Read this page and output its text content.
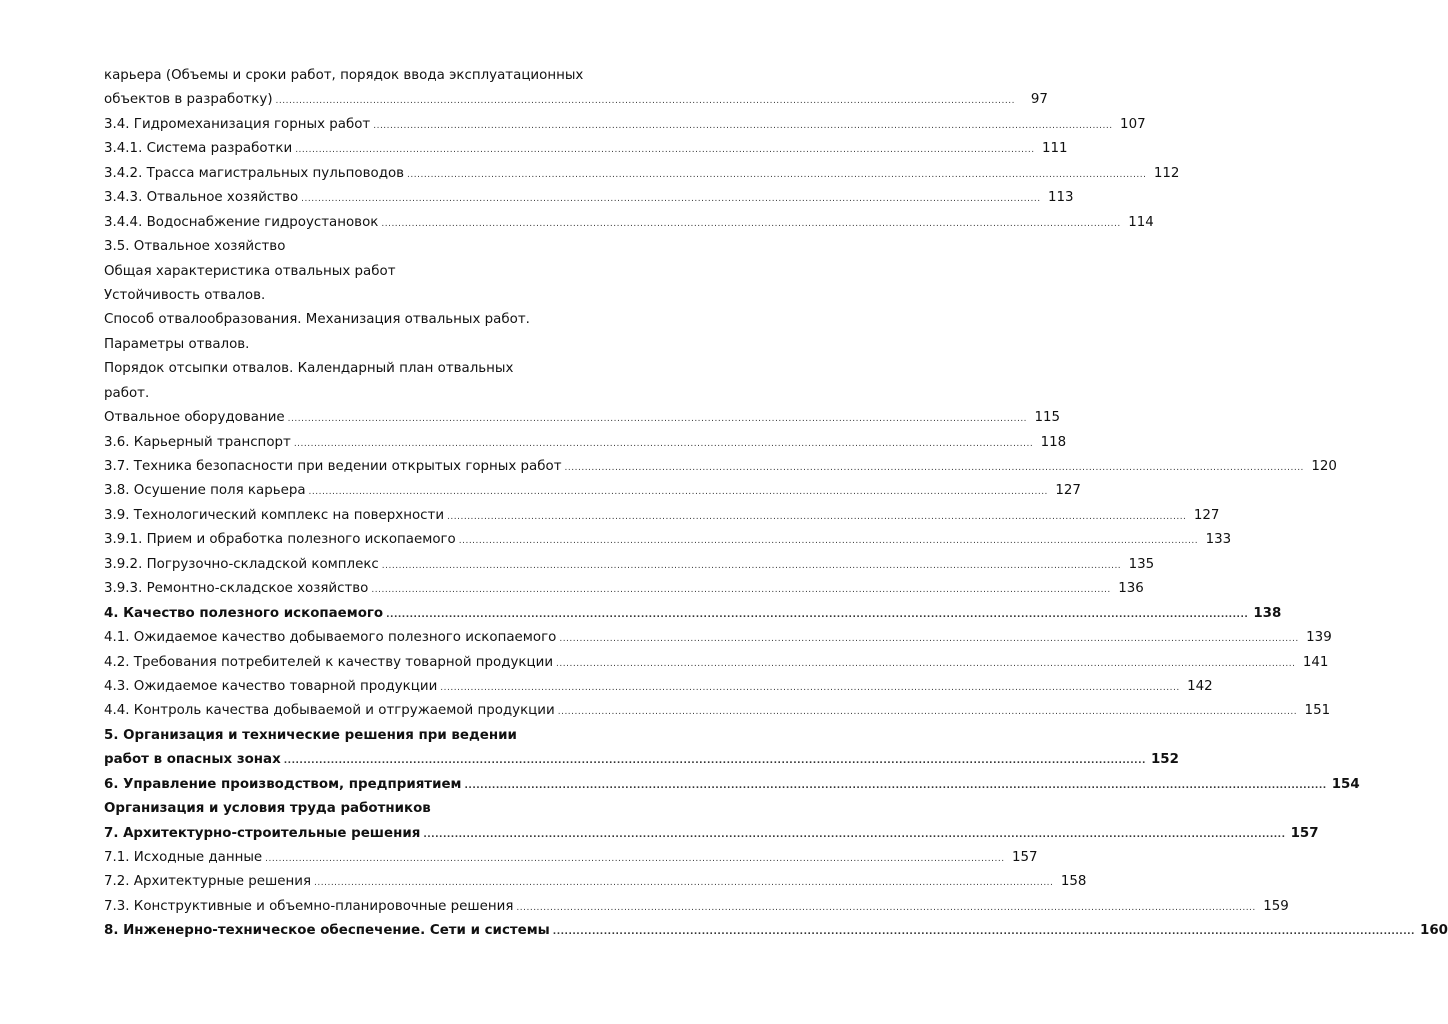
карьера (Объемы и сроки работ, порядок ввода эксплуатационных
объектов в разработку) ............................................................................................................................................................................................................................	97
3.4. Гидромеханизация горных работ ............................................................................................................................................................................................................................ 107
3.4.1. Система разработки ............................................................................................................................................................................................................................ 111
3.4.2. Трасса магистральных пульповодов ............................................................................................................................................................................................................................ 112
3.4.3. Отвальное хозяйство ............................................................................................................................................................................................................................ 113
3.4.4. Водоснабжение гидроустановок ............................................................................................................................................................................................................................ 114
3.5. Отвальное хозяйство
Общая характеристика отвальных работ
Устойчивость отвалов.
Способ отвалообразования. Механизация отвальных работ.
Параметры отвалов.
Порядок отсыпки отвалов. Календарный план отвальных
работ.
Отвальное оборудование ............................................................................................................................................................................................................................ 115
3.6. Карьерный транспорт ............................................................................................................................................................................................................................ 118
3.7. Техника безопасности при ведении открытых горных работ ............................................................................................................................................................................................................................ 120
3.8. Осушение поля карьера ............................................................................................................................................................................................................................ 127
3.9. Технологический комплекс на поверхности ............................................................................................................................................................................................................................ 127
3.9.1. Прием и обработка полезного ископаемого ............................................................................................................................................................................................................................ 133
3.9.2. Погрузочно-складской комплекс ............................................................................................................................................................................................................................ 135
3.9.3. Ремонтно-складское хозяйство ............................................................................................................................................................................................................................ 136
4. Качество полезного ископаемого ............................................................................................................................................................................................................................ 138
4.1. Ожидаемое качество добываемого полезного ископаемого ............................................................................................................................................................................................................................ 139
4.2. Требования потребителей к качеству товарной продукции ............................................................................................................................................................................................................................ 141
4.3. Ожидаемое качество товарной продукции ............................................................................................................................................................................................................................ 142
4.4. Контроль качества добываемой и отгружаемой продукции ............................................................................................................................................................................................................................ 151
5. Организация и технические решения при ведении
работ в опасных зонах ............................................................................................................................................................................................................................ 152
6. Управление производством, предприятием ............................................................................................................................................................................................................................ 154
Организация и условия труда работников
7. Архитектурно-строительные решения ............................................................................................................................................................................................................................ 157
7.1. Исходные данные ............................................................................................................................................................................................................................ 157
7.2. Архитектурные решения ............................................................................................................................................................................................................................ 158
7.3. Конструктивные и объемно-планировочные решения ............................................................................................................................................................................................................................ 159
8. Инженерно-техническое обеспечение. Сети и системы ............................................................................................................................................................................................................................ 160
